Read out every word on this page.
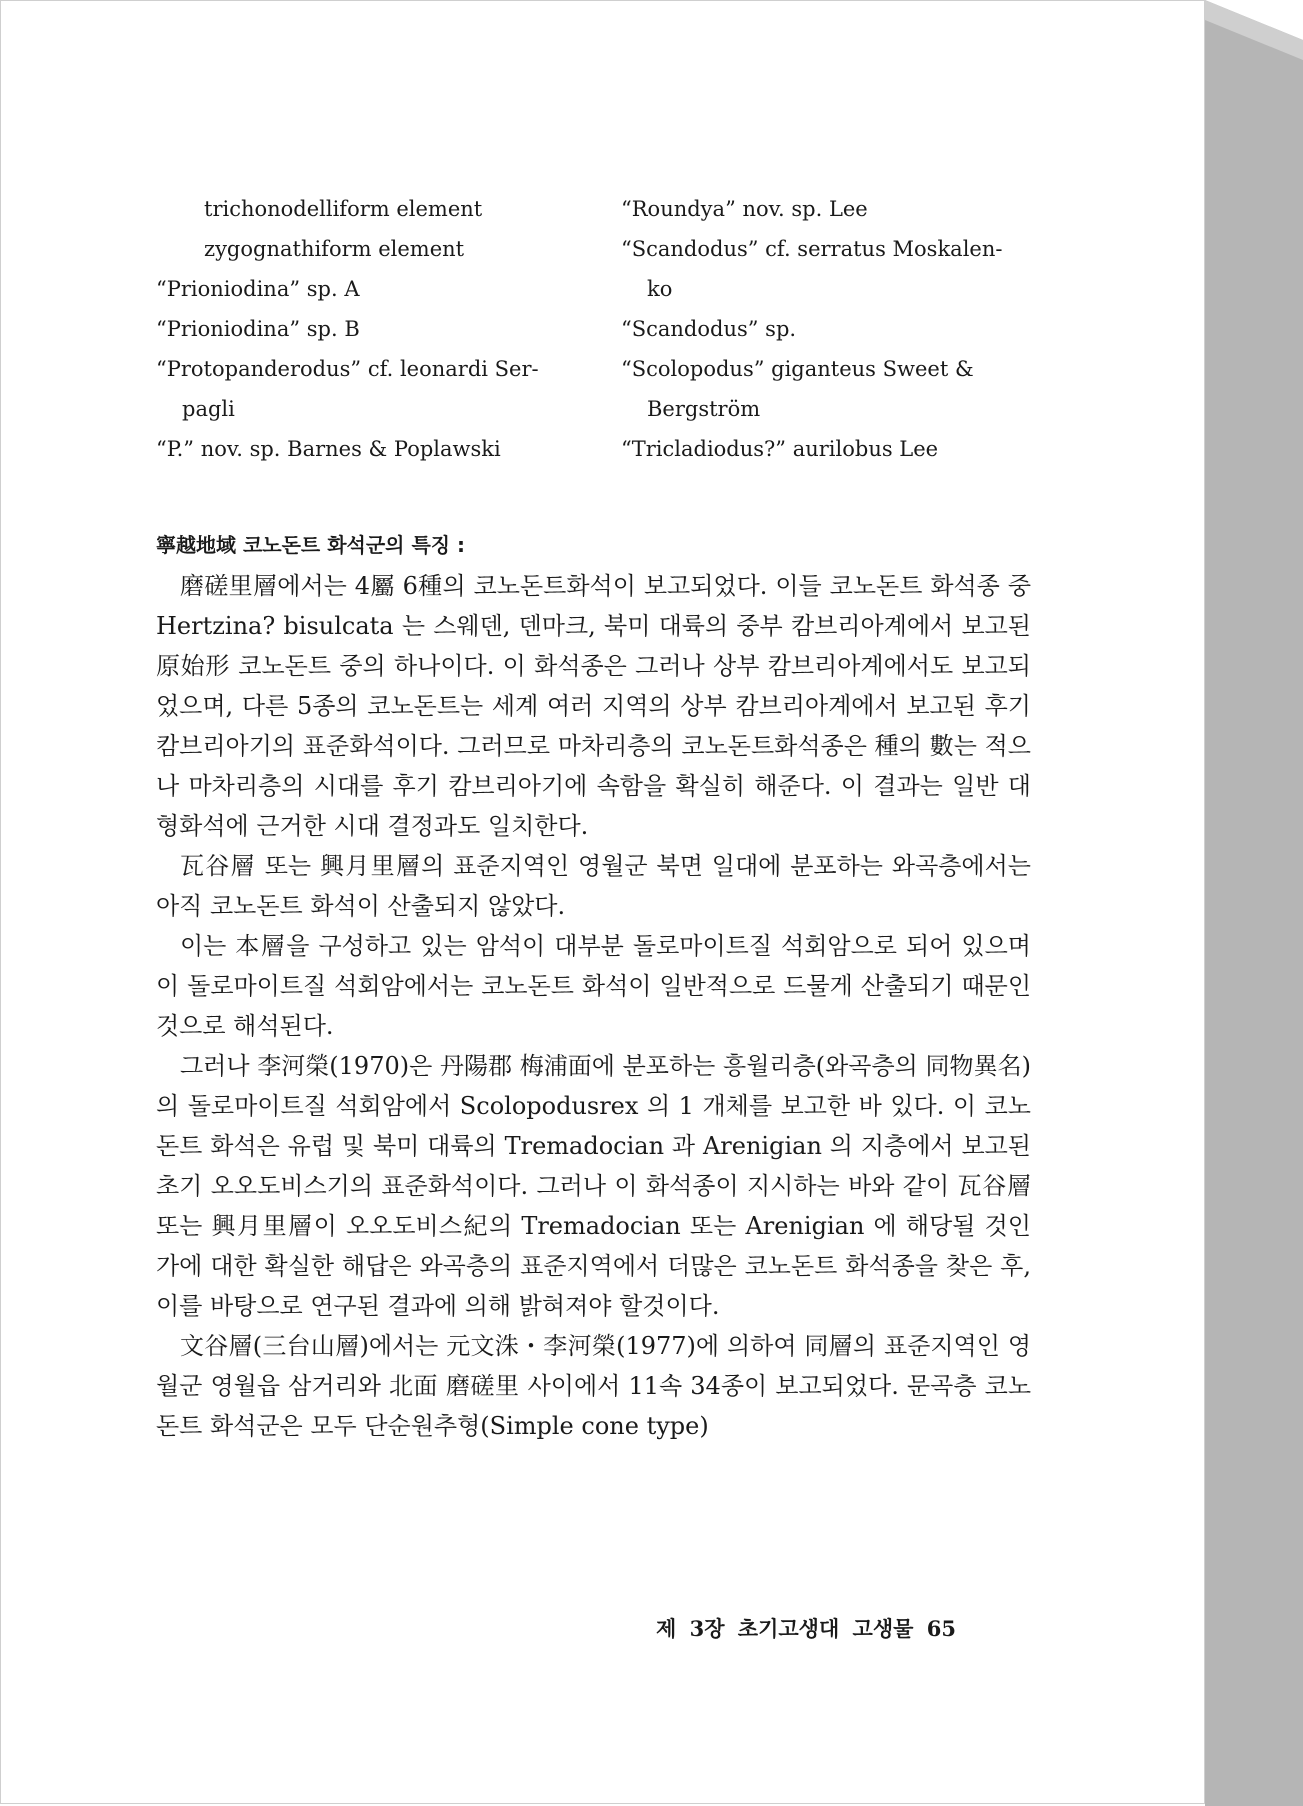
trichonodelliform element
zygognathiform element
“Prioniodina” sp. A
“Prioniodina” sp. B
“Protopanderodus” cf. leonardi Ser-
pagli
“P.” nov. sp. Barnes & Poplawski
“Roundya” nov. sp. Lee
“Scandodus” cf. serratus Moskalen-
ko
“Scandodus” sp.
“Scolopodus” giganteus Sweet &
Bergström
“Tricladiodus?” aurilobus Lee
寧越地域 코노돈트 화석군의 특징 :

磨磋里層에서는 4屬 6種의 코노돈트화석이 보고되었다. 이들 코노돈트 화석종 중 Hertzina? bisulcata 는 스웨덴, 덴마크, 북미 대륙의 중부 캄브리아계에서 보고된 原始形 코노돈트 중의 하나이다. 이 화석종은 그러나 상부 캄브리아계에서도 보고되었으며, 다른 5종의 코노돈트는 세계 여러 지역의 상부 캄브리아계에서 보고된 후기 캄브리아기의 표준화석이다. 그러므로 마차리층의 코노돈트화석종은 種의 數는 적으나 마차리층의 시대를 후기 캄브리아기에 속함을 확실히 해준다. 이 결과는 일반 대형화석에 근거한 시대 결정과도 일치한다.

瓦谷層 또는 興月里層의 표준지역인 영월군 북면 일대에 분포하는 와곡층에서는 아직 코노돈트 화석이 산출되지 않았다.

이는 本層을 구성하고 있는 암석이 대부분 돌로마이트질 석회암으로 되어 있으며 이 돌로마이트질 석회암에서는 코노돈트 화석이 일반적으로 드물게 산출되기 때문인 것으로 해석된다.

그러나 李河榮(1970)은 丹陽郡 梅浦面에 분포하는 흥월리층(와곡층의 同物異名)의 돌로마이트질 석회암에서 Scolopodusrex 의 1 개체를 보고한 바 있다. 이 코노돈트 화석은 유럽 및 북미 대륙의 Tremadocian 과 Arenigian 의 지층에서 보고된 초기 오오도비스기의 표준화석이다. 그러나 이 화석종이 지시하는 바와 같이 瓦谷層 또는 興月里層이 오오도비스紀의 Tremadocian 또는 Arenigian 에 해당될 것인가에 대한 확실한 해답은 와곡층의 표준지역에서 더많은 코노돈트 화석종을 찾은 후, 이를 바탕으로 연구된 결과에 의해 밝혀져야 할것이다.

文谷層(三台山層)에서는 元文洙・李河榮(1977)에 의하여 同層의 표준지역인 영월군 영월읍 삼거리와 北面 磨磋里 사이에서 11속 34종이 보고되었다. 문곡층 코노돈트 화석군은 모두 단순원추형(Simple cone type)

제 3장 초기고생대 고생물 65
